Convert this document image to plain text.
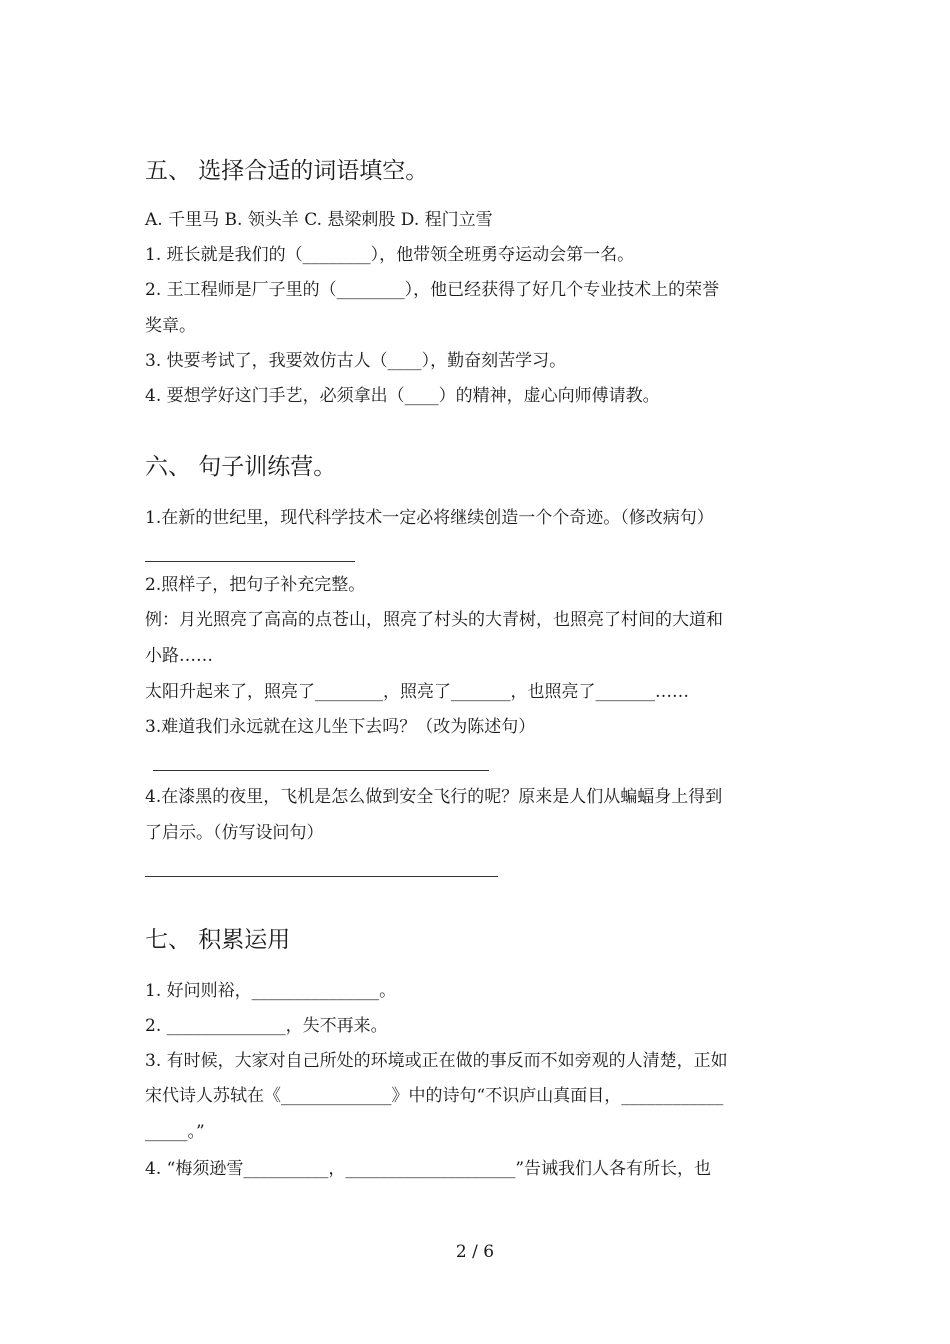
五、 选择合适的词语填空。
A. 千里马 B. 领头羊 C. 悬梁刺股 D. 程门立雪
1. 班长就是我们的（________），他带领全班勇夺运动会第一名。
2. 王工程师是厂子里的（________），他已经获得了好几个专业技术上的荣誉
奖章。
3. 快要考试了，我要效仿古人（____），勤奋刻苦学习。
4. 要想学好这门手艺，必须拿出（____）的精神，虚心向师傅请教。
六、 句子训练营。
1.在新的世纪里，现代科学技术一定必将继续创造一个个奇迹。（修改病句）
2.照样子，把句子补充完整。
例：月光照亮了高高的点苍山，照亮了村头的大青树，也照亮了村间的大道和
小路……
太阳升起来了，照亮了________，照亮了_______，也照亮了_______……
3.难道我们永远就在这儿坐下去吗？（改为陈述句）
4.在漆黑的夜里，飞机是怎么做到安全飞行的呢？原来是人们从蝙蝠身上得到
了启示。（仿写设问句）
七、 积累运用
1. 好问则裕，_______________。
2. ______________，失不再来。
3. 有时候，大家对自己所处的环境或正在做的事反而不如旁观的人清楚，正如
宋代诗人苏轼在《_____________》中的诗句“不识庐山真面目，____________
_____。”
4. “梅须逊雪__________，____________________”告诫我们人各有所长，也
2 / 6
